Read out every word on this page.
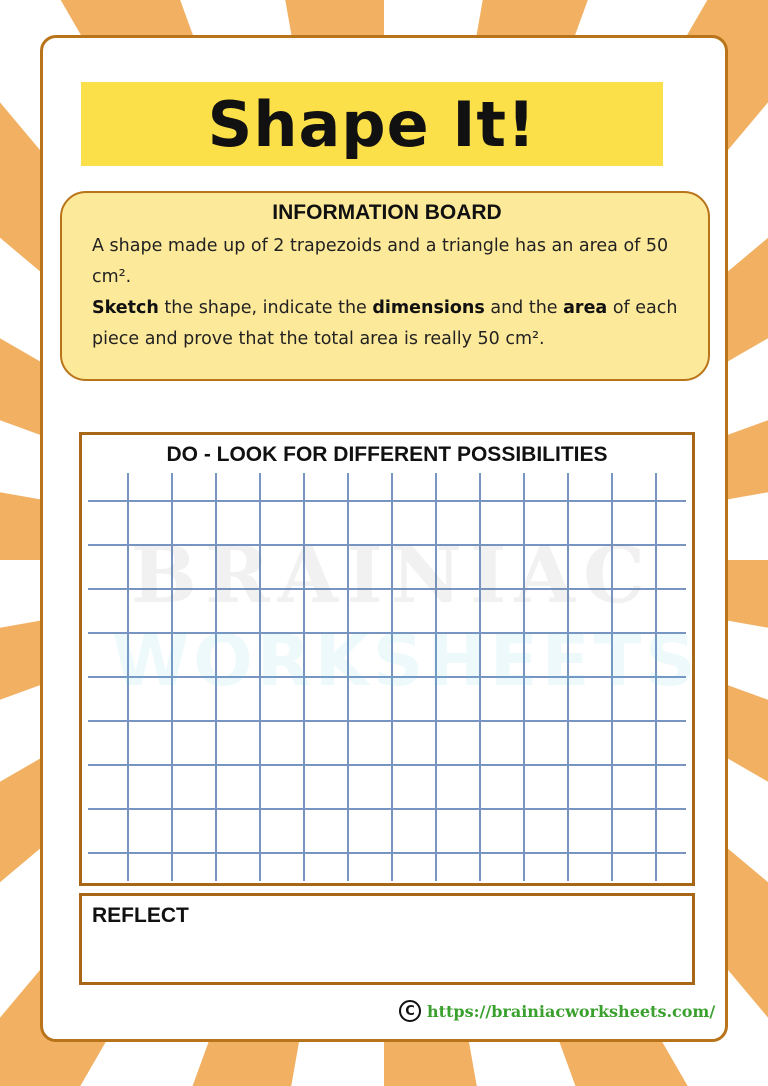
Shape It!
INFORMATION BOARD

A shape made up of 2 trapezoids and a triangle has an area of 50 cm².

Sketch the shape, indicate the dimensions and the area of each piece and prove that the total area is really 50 cm².

DO - LOOK FOR DIFFERENT POSSIBILITIES
BRAINIAC
WORKSHEETS
REFLECT
C https://brainiacworksheets.com/
